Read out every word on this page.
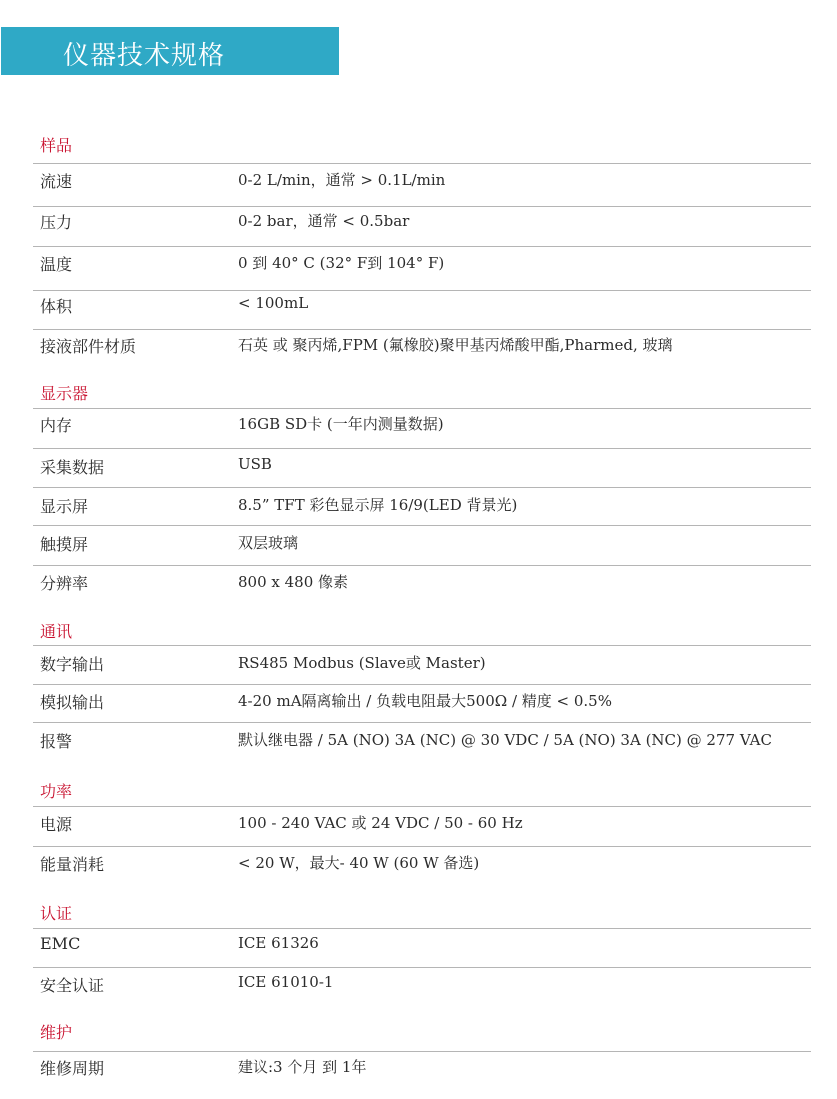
仪器技术规格
样品
流速	0-2 L/min，通常 > 0.1L/min
压力	0-2 bar，通常 < 0.5bar
温度	0 到 40° C (32° F到 104° F)
体积	< 100mL
接液部件材质	石英 或 聚丙烯,FPM (氟橡胶)聚甲基丙烯酸甲酯,Pharmed, 玻璃
显示器
内存	16GB SD卡 (一年内测量数据)
采集数据	USB
显示屏	8.5” TFT 彩色显示屏 16/9(LED 背景光)
触摸屏	双层玻璃
分辨率	800 x 480 像素
通讯
数字输出	RS485 Modbus (Slave或 Master)
模拟输出	4-20 mA隔离输出 / 负载电阻最大500Ω / 精度 < 0.5%
报警	默认继电器 / 5A (NO) 3A (NC) @ 30 VDC / 5A (NO) 3A (NC) @ 277 VAC
功率
电源	100 - 240 VAC 或 24 VDC / 50 - 60 Hz
能量消耗	< 20 W，最大- 40 W (60 W 备选)
认证
EMC	ICE 61326
安全认证	ICE 61010-1
维护
维修周期	建议:3 个月 到 1年
